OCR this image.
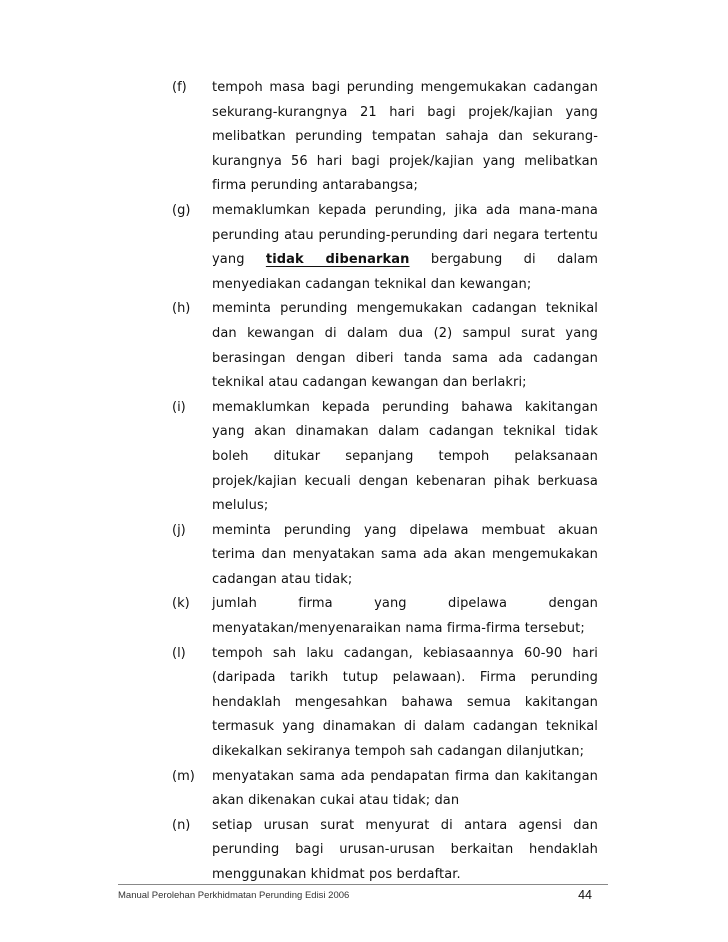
(f) tempoh masa bagi perunding mengemukakan cadangan sekurang-kurangnya 21 hari bagi projek/kajian yang melibatkan perunding tempatan sahaja dan sekurang-kurangnya 56 hari bagi projek/kajian yang melibatkan firma perunding antarabangsa;
(g) memaklumkan kepada perunding, jika ada mana-mana perunding atau perunding-perunding dari negara tertentu yang tidak dibenarkan bergabung di dalam menyediakan cadangan teknikal dan kewangan;
(h) meminta perunding mengemukakan cadangan teknikal dan kewangan di dalam dua (2) sampul surat yang berasingan dengan diberi tanda sama ada cadangan teknikal atau cadangan kewangan dan berlakri;
(i) memaklumkan kepada perunding bahawa kakitangan yang akan dinamakan dalam cadangan teknikal tidak boleh ditukar sepanjang tempoh pelaksanaan projek/kajian kecuali dengan kebenaran pihak berkuasa melulus;
(j) meminta perunding yang dipelawa membuat akuan terima dan menyatakan sama ada akan mengemukakan cadangan atau tidak;
(k) jumlah firma yang dipelawa dengan menyatakan/menyenaraikan nama firma-firma tersebut;
(l) tempoh sah laku cadangan, kebiasaannya 60-90 hari (daripada tarikh tutup pelawaan). Firma perunding hendaklah mengesahkan bahawa semua kakitangan termasuk yang dinamakan di dalam cadangan teknikal dikekalkan sekiranya tempoh sah cadangan dilanjutkan;
(m) menyatakan sama ada pendapatan firma dan kakitangan akan dikenakan cukai atau tidak; dan
(n) setiap urusan surat menyurat di antara agensi dan perunding bagi urusan-urusan berkaitan hendaklah menggunakan khidmat pos berdaftar.
Manual Perolehan Perkhidmatan Perunding Edisi 2006	44
